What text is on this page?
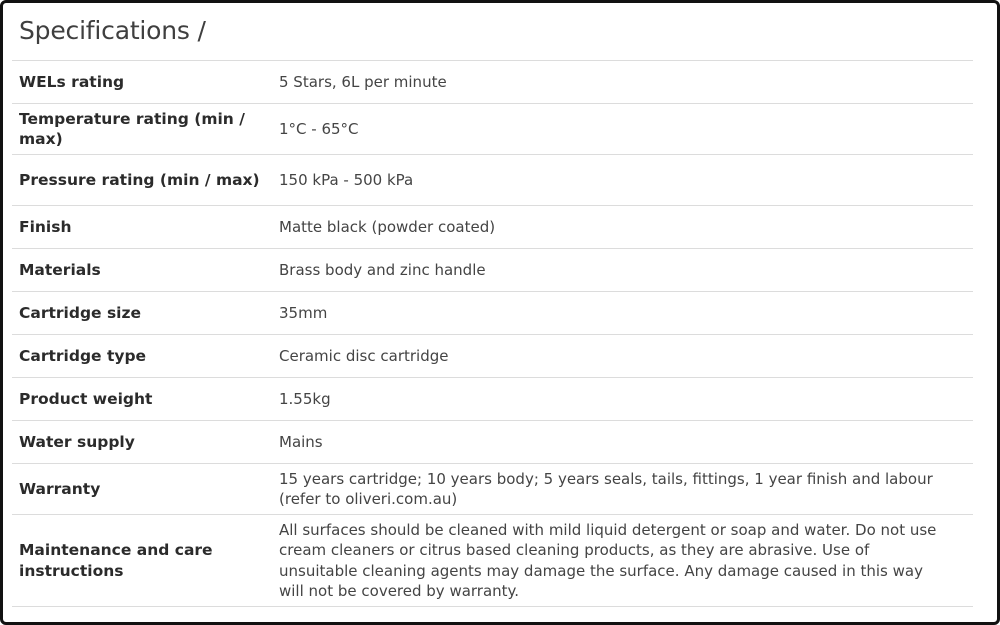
Specifications /
WELs rating	5 Stars, 6L per minute
Temperature rating (min / max)	1°C - 65°C
Pressure rating (min / max)	150 kPa - 500 kPa
Finish	Matte black (powder coated)
Materials	Brass body and zinc handle
Cartridge size	35mm
Cartridge type	Ceramic disc cartridge
Product weight	1.55kg
Water supply	Mains
Warranty	15 years cartridge; 10 years body; 5 years seals, tails, fittings, 1 year finish and labour (refer to oliveri.com.au)
Maintenance and care instructions	All surfaces should be cleaned with mild liquid detergent or soap and water. Do not use cream cleaners or citrus based cleaning products, as they are abrasive. Use of unsuitable cleaning agents may damage the surface. Any damage caused in this way will not be covered by warranty.
